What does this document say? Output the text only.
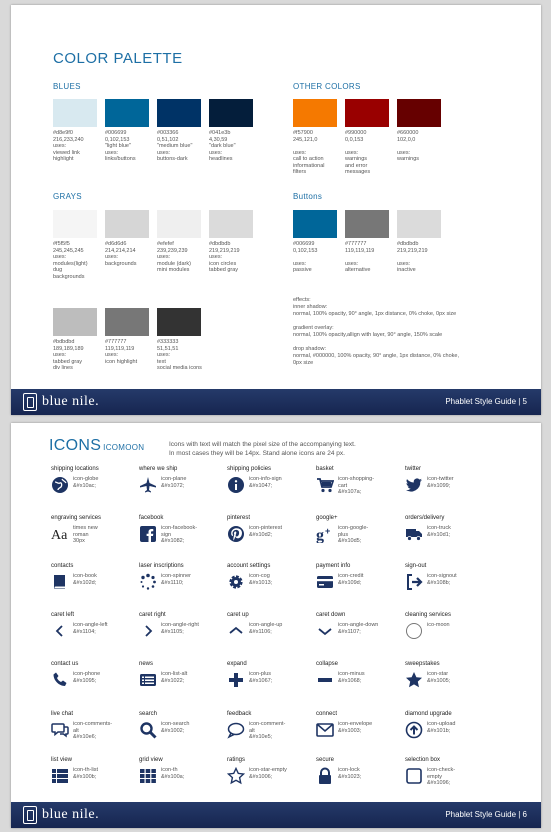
COLOR PALETTE
BLUES
GRAYS
OTHER COLORS
Buttons
#d8e9f0
216,233,240
uses:
viewed link
highlight
#006699
0,102,153
"light blue"
uses:
links/buttons
#003366
0,51,102
"medium blue"
uses:
buttons-dark
#041e3b
4,30,59
"dark blue"
uses:
headlines
#f5f5f5
245,245,245
uses:
modules(light)
dug
backgrounds
#d6d6d6
214,214,214
uses:
backgrounds
#efefef
239,239,239
uses:
module (dark)
mini modules
#dbdbdb
219,219,219
uses:
icon circles
tabbed gray
#bdbdbd
189,189,189
uses:
tabbed gray
div lines
#777777
119,119,119
uses:
icon highlight
#333333
51,51,51
uses:
text
social media icons
#f57900
245,121,0

uses:
call to action
informational
filters
#990000
0,0,153

uses:
warnings
and error
messages
#660000
102,0,0

uses:
warnings
#006699
0,102,153

uses:
passive
#777777
119,119,119

uses:
alternative
#dbdbdb
219,219,219

uses:
inactive
effects:
inner shadow:
normal, 100% opacity, 90° angle, 1px distance, 0% choke, 0px size

gradient overlay:
normal, 100% opacity,allign with layer, 90° angle, 150% scale

drop shadow:
normal, #000000, 100% opacity, 90° angle, 1px distance, 0% choke,
0px size
blue nile.	Phablet Style Guide | 5
ICONS ICOMOON	Icons with text will match the pixel size of the accompanying text.
In most cases they will be 14px. Stand alone icons are 24 px.
shipping locations
icon-globe
&#x10ac;
where we ship
icon-plane
&#x1072;
shipping policies
icon-info-sign
&#x1047;
basket
icon-shopping-
cart
&#x107a;
twitter
icon-twitter
&#x1099;
engraving services
Aa times new
roman
30px
facebook
icon-facebook-
sign
&#x1082;
pinterest
icon-pinterest
&#x10d2;
google+
g + icon-google-
plus
&#x10d5;
orders/delivery
icon-truck
&#x10d1;
contacts
icon-book
&#x102d;
laser inscriptions
icon-spinner
&#x1110;
account settings
icon-cog
&#x1013;
payment info
icon-credit
&#x109d;
sign-out
icon-signout
&#x108b;
caret left
icon-angle-left
&#x1104;
caret right
icon-angle-right
&#x1105;
caret up
icon-angle-up
&#x1106;
caret down
icon-angle-down
&#x1107;
cleaning services
ico-moon
contact us
icon-phone
&#x1095;
news
icon-list-alt
&#x1022;
expand
icon-plus
&#x1067;
collapse
icon-minus
&#x1068;
sweepstakes
icon-star
&#x1005;
live chat
icon-comments-
alt
&#x10e6;
search
icon-search
&#x1002;
feedback
icon-comment-
alt
&#x10e5;
connect
icon-envelope
&#x1003;
diamond upgrade
icon-upload
&#x101b;
list view
icon-th-list
&#x100b;
grid view
icon-th
&#x100a;
ratings
icon-star-empty
&#x1006;
secure
icon-lock
&#x1023;
selection box
icon-check-
empty
&#x1096;
blue nile.	Phablet Style Guide | 6
